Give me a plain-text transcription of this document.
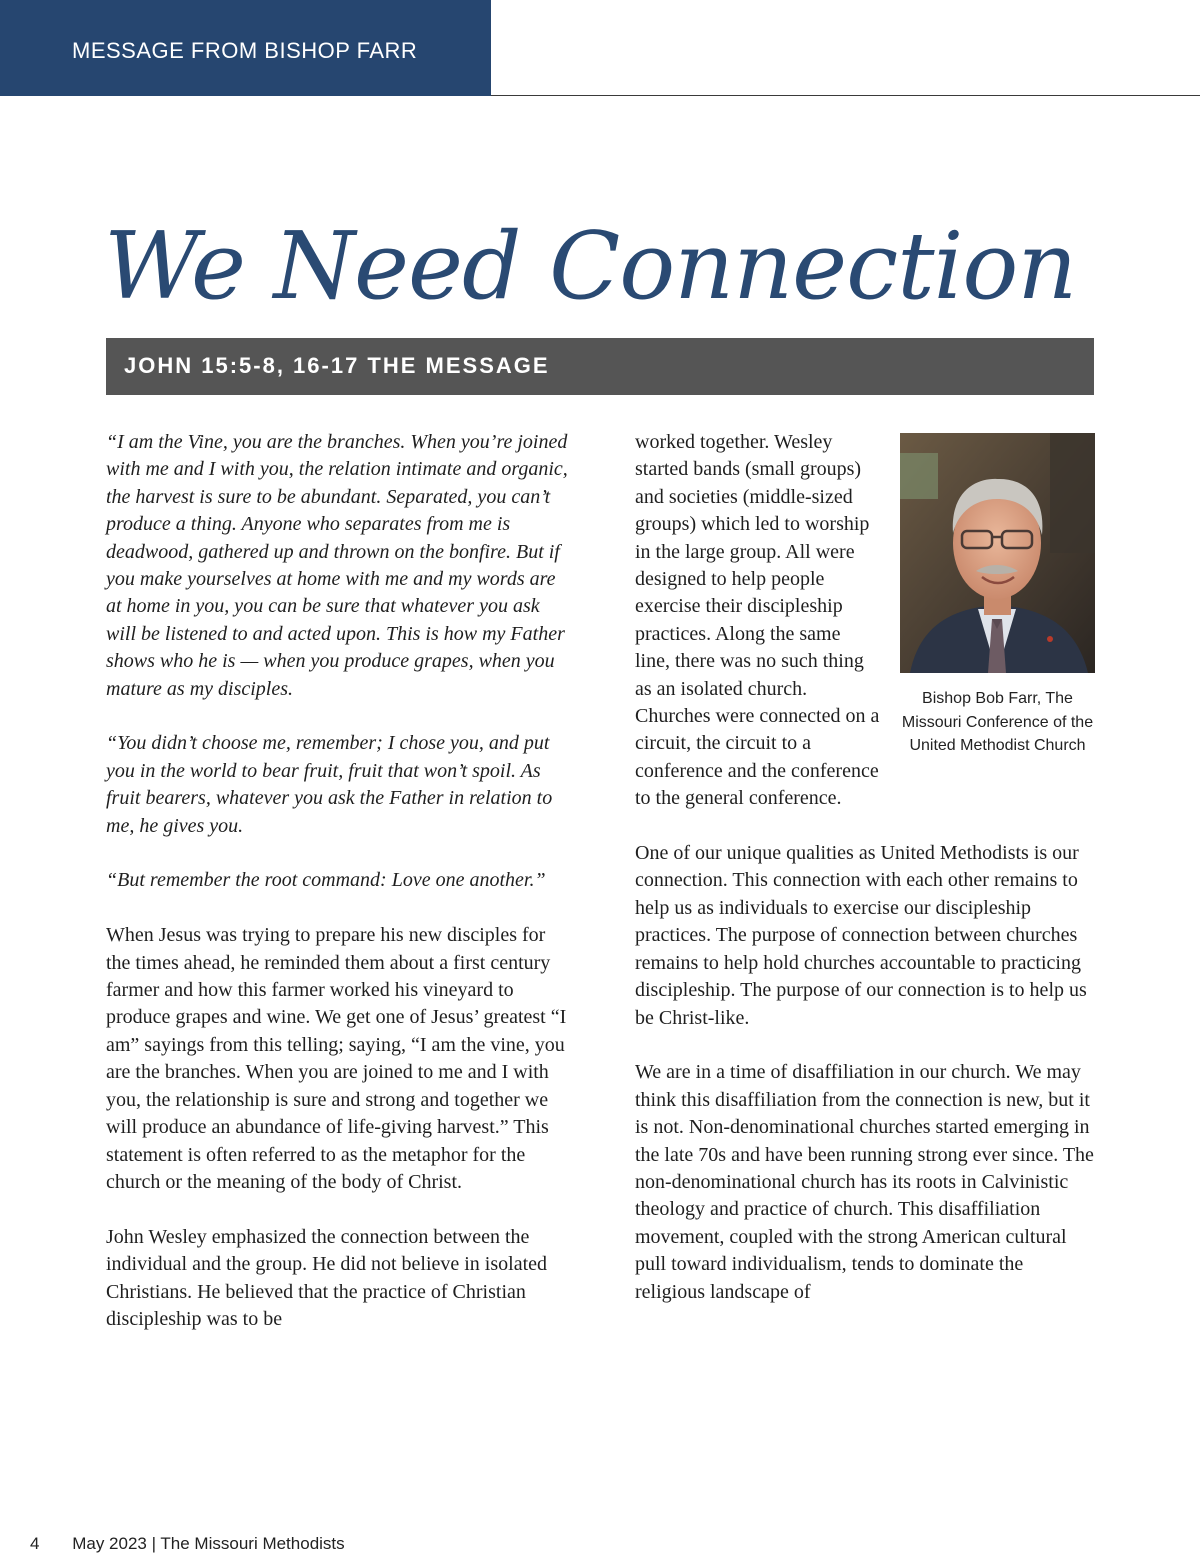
MESSAGE FROM BISHOP FARR
We Need Connection
JOHN 15:5-8, 16-17 THE MESSAGE

“I am the Vine, you are the branches. When you’re joined with me and I with you, the relation intimate and organic, the harvest is sure to be abundant. Separated, you can’t produce a thing. Anyone who separates from me is deadwood, gathered up and thrown on the bonfire. But if you make yourselves at home with me and my words are at home in you, you can be sure that whatever you ask will be listened to and acted upon. This is how my Father shows who he is — when you produce grapes, when you mature as my disciples.

“You didn’t choose me, remember; I chose you, and put you in the world to bear fruit, fruit that won’t spoil. As fruit bearers, whatever you ask the Father in relation to me, he gives you.

“But remember the root command: Love one another.”

When Jesus was trying to prepare his new disciples for the times ahead, he reminded them about a first century farmer and how this farmer worked his vineyard to produce grapes and wine. We get one of Jesus’ greatest “I am” sayings from this telling; saying, “I am the vine, you are the branches. When you are joined to me and I with you, the relationship is sure and strong and together we will produce an abundance of life-giving harvest.” This statement is often referred to as the metaphor for the church or the meaning of the body of Christ.

John Wesley emphasized the connection between the individual and the group. He did not believe in isolated Christians. He believed that the practice of Christian discipleship was to be

Bishop Bob Farr, The Missouri Conference of the United Methodist Church

worked together. Wesley started bands (small groups) and societies (middle-sized groups) which led to worship in the large group. All were designed to help people exercise their discipleship practices. Along the same line, there was no such thing as an isolated church. Churches were connected on a circuit, the circuit to a conference and the conference to the general conference.

One of our unique qualities as United Methodists is our connection. This connection with each other remains to help us as individuals to exercise our discipleship practices. The purpose of connection between churches remains to help hold churches accountable to practicing discipleship. The purpose of our connection is to help us be Christ-like.

We are in a time of disaffiliation in our church. We may think this disaffiliation from the connection is new, but it is not. Non-denominational churches started emerging in the late 70s and have been running strong ever since. The non-denominational church has its roots in Calvinistic theology and practice of church. This disaffiliation movement, coupled with the strong American cultural pull toward individualism, tends to dominate the religious landscape of

4 May 2023 | The Missouri Methodists
